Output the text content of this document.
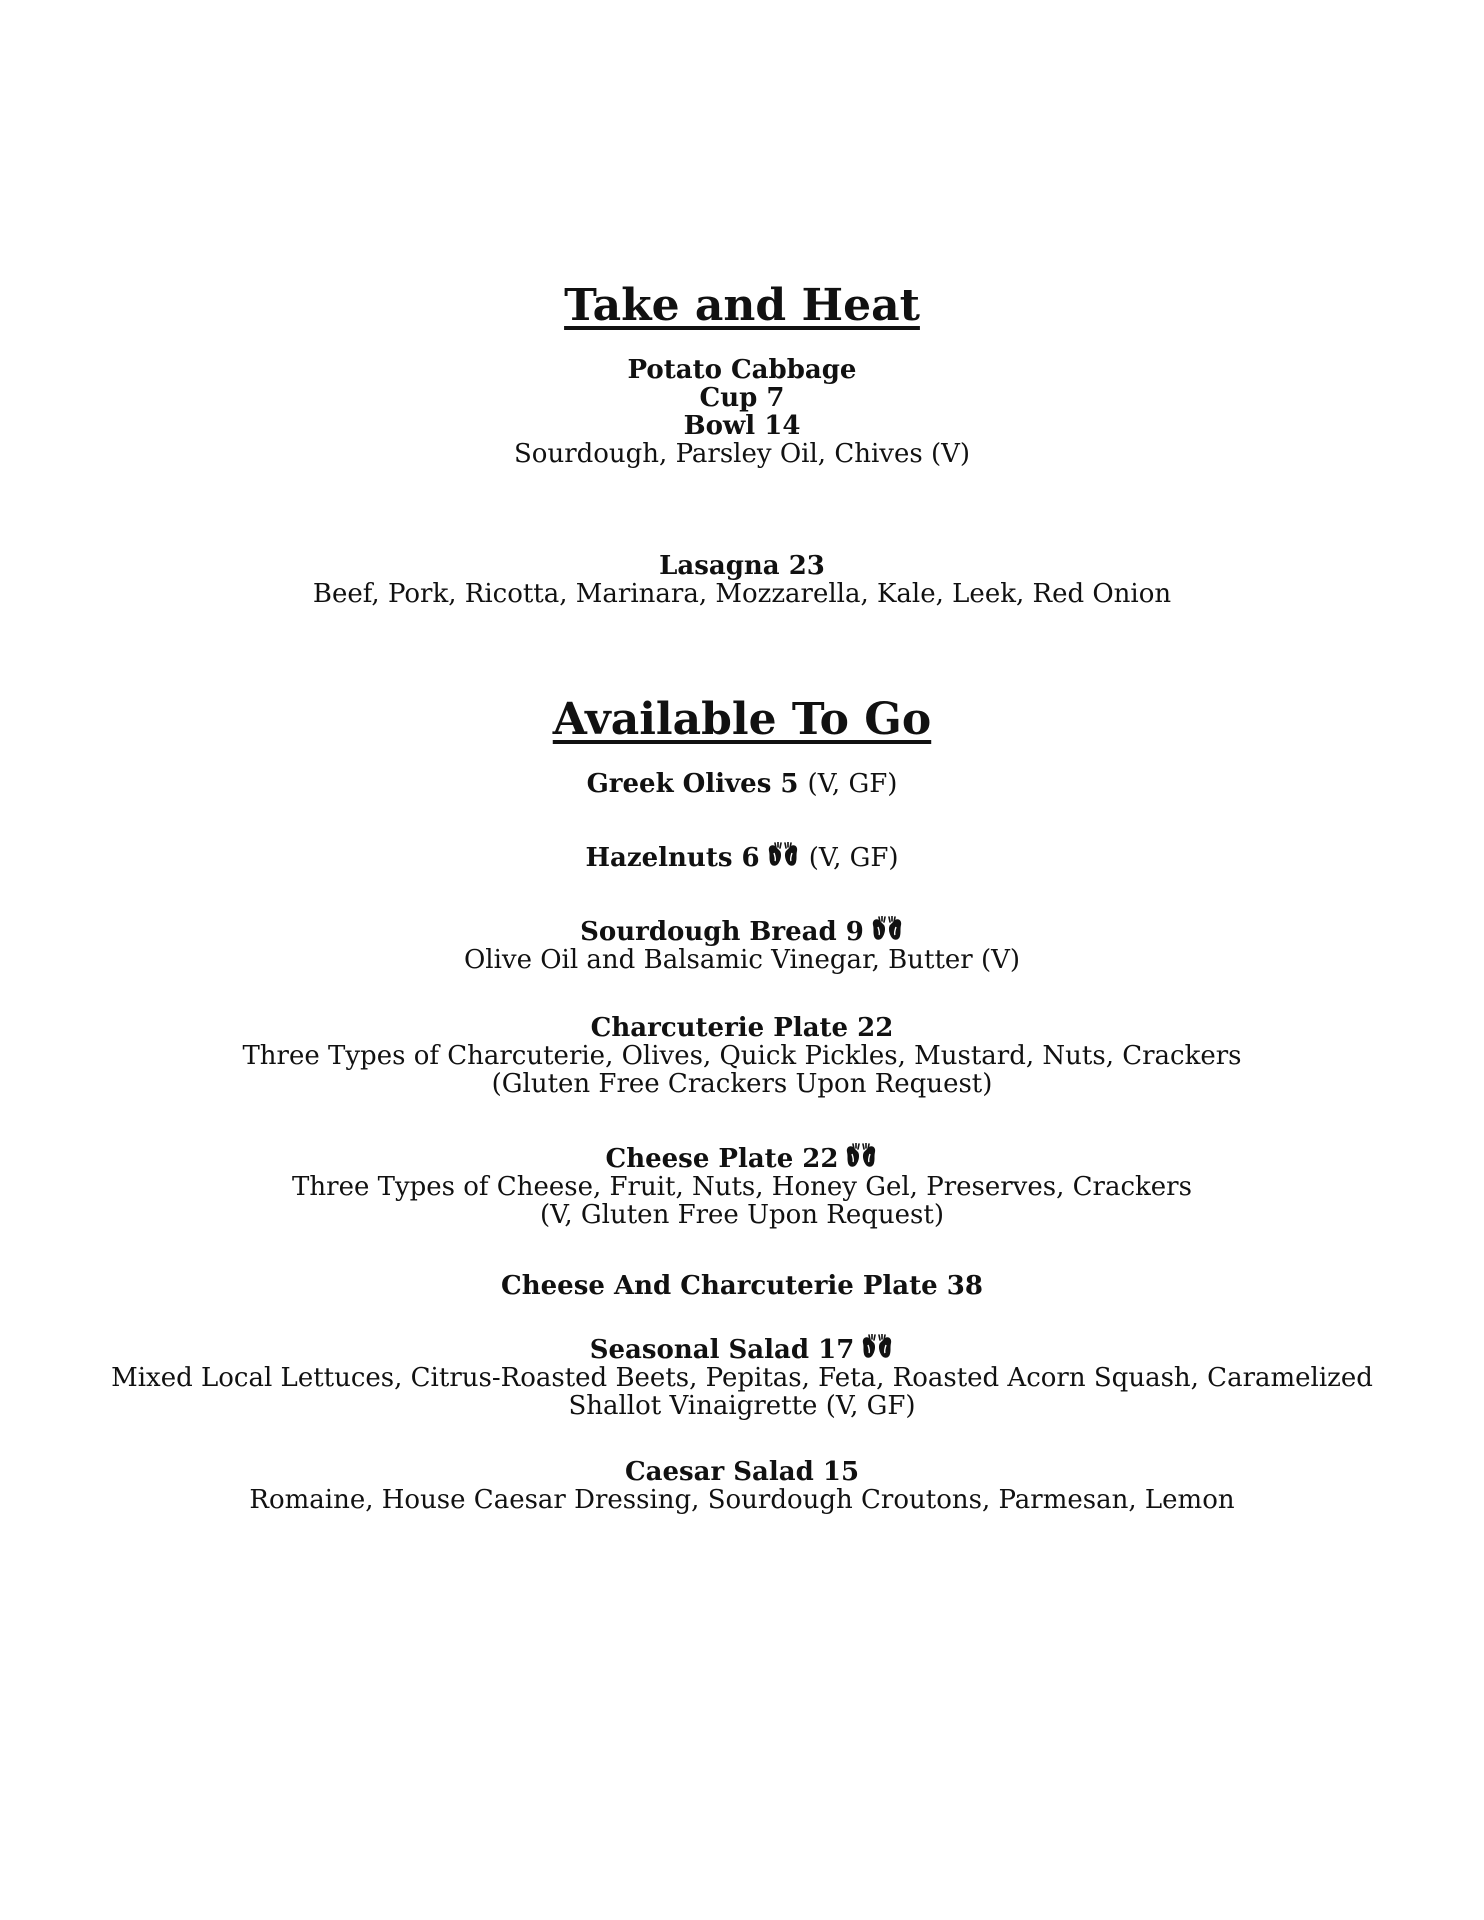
Take and Heat
Potato Cabbage
Cup 7
Bowl 14
Sourdough, Parsley Oil, Chives (V)
Lasagna 23
Beef, Pork, Ricotta, Marinara, Mozzarella, Kale, Leek, Red Onion
Available To Go
Greek Olives 5 (V, GF)
Hazelnuts 6 (V, GF)
Sourdough Bread 9
Olive Oil and Balsamic Vinegar, Butter (V)
Charcuterie Plate 22
Three Types of Charcuterie, Olives, Quick Pickles, Mustard, Nuts, Crackers
(Gluten Free Crackers Upon Request)
Cheese Plate 22
Three Types of Cheese, Fruit, Nuts, Honey Gel, Preserves, Crackers
(V, Gluten Free Upon Request)
Cheese And Charcuterie Plate 38
Seasonal Salad 17
Mixed Local Lettuces, Citrus-Roasted Beets, Pepitas, Feta, Roasted Acorn Squash, Caramelized
Shallot Vinaigrette (V, GF)
Caesar Salad 15
Romaine, House Caesar Dressing, Sourdough Croutons, Parmesan, Lemon
